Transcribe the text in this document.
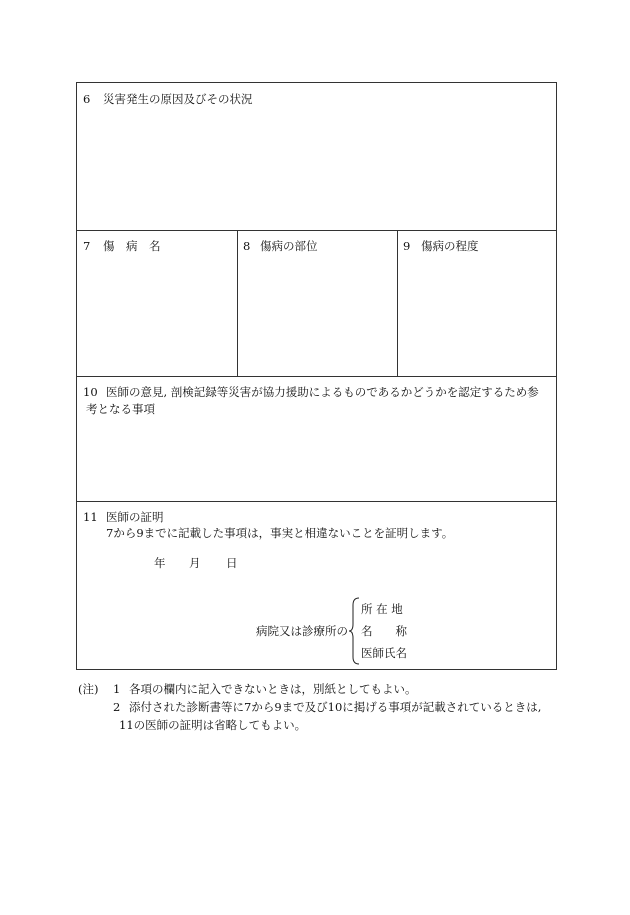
6 災害発生の原因及びその状況
7 傷　病　名	8 傷病の部位	9 傷病の程度
10 医師の意見, 剖検記録等災害が協力援助によるものであるかどうかを認定するため参
考となる事項
11 医師の証明
7から9までに記載した事項は，事実と相違ないことを証明します。
年 月 日
病院又は診療所の
所 在 地
名　　称
医師氏名
(注) 1 各項の欄内に記入できないときは，別紙としてもよい。
2 添付された診断書等に7から9まで及び10に掲げる事項が記載されているときは,
11の医師の証明は省略してもよい。
